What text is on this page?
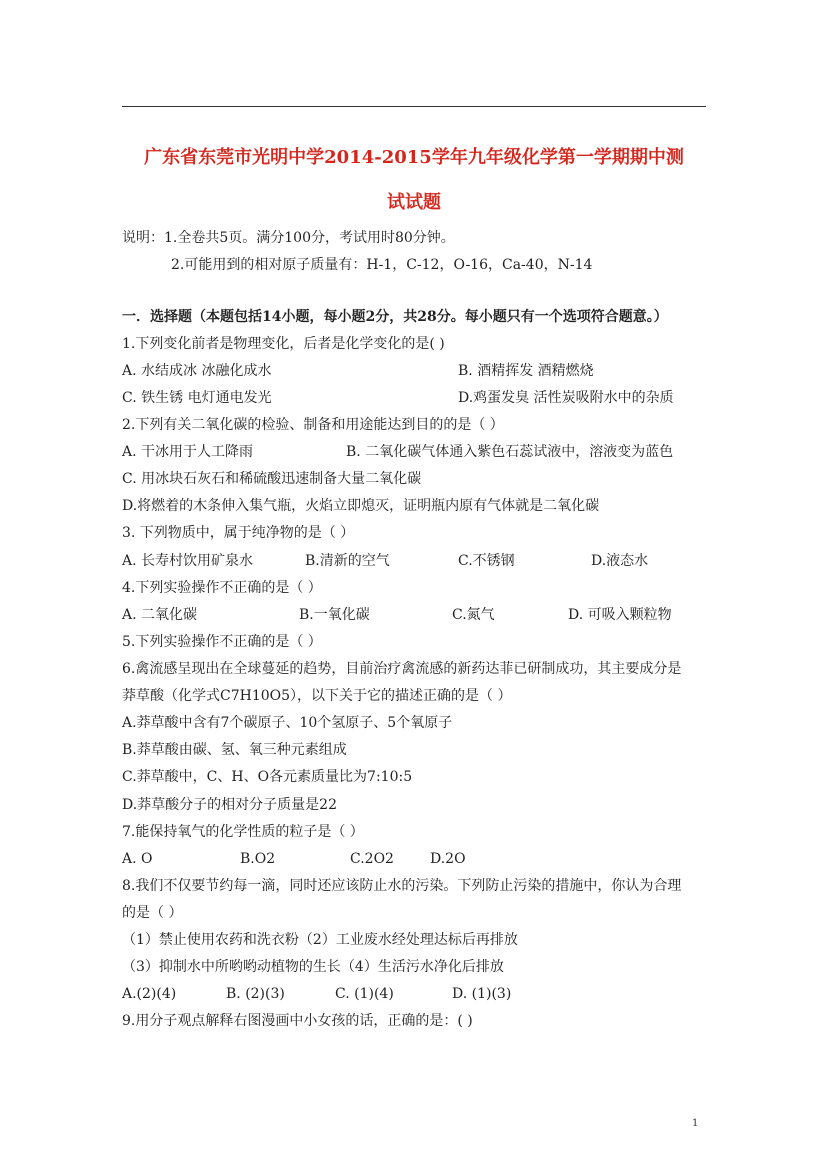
广东省东莞市光明中学2014-2015学年九年级化学第一学期期中测
试试题
说明：1.全卷共5页。满分100分，考试用时80分钟。
2.可能用到的相对原子质量有：H-1，C-12，O-16，Ca-40，N-14
一．选择题（本题包括14小题，每小题2分，共28分。每小题只有一个选项符合题意。）
1.下列变化前者是物理变化，后者是化学变化的是( )
A. 水结成冰 冰融化成水	B. 酒精挥发 酒精燃烧
C. 铁生锈 电灯通电发光	D.鸡蛋发臭 活性炭吸附水中的杂质
2.下列有关二氧化碳的检验、制备和用途能达到目的的是（ ）
A. 干冰用于人工降雨	B. 二氧化碳气体通入紫色石蕊试液中，溶液变为蓝色
C. 用冰块石灰石和稀硫酸迅速制备大量二氧化碳
D.将燃着的木条伸入集气瓶，火焰立即熄灭，证明瓶内原有气体就是二氧化碳
3. 下列物质中，属于纯净物的是（ ）
A. 长寿村饮用矿泉水	B.清新的空气	C.不锈钢	D.液态水
4.下列实验操作不正确的是（ ）
A. 二氧化碳	B.一氧化碳	C.氮气	D. 可吸入颗粒物
5.下列实验操作不正确的是（ ）
6.禽流感呈现出在全球蔓延的趋势，目前治疗禽流感的新药达菲已研制成功，其主要成分是
莽草酸（化学式C7H10O5），以下关于它的描述正确的是（ ）
A.莽草酸中含有7个碳原子、10个氢原子、5个氧原子
B.莽草酸由碳、氢、氧三种元素组成
C.莽草酸中，C、H、O各元素质量比为7:10:5
D.莽草酸分子的相对分子质量是22
7.能保持氧气的化学性质的粒子是（ ）
A. O	B.O2	C.2O2	D.2O
8.我们不仅要节约每一滴，同时还应该防止水的污染。下列防止污染的措施中，你认为合理
的是（ ）
（1）禁止使用农药和洗衣粉（2）工业废水经处理达标后再排放
（3）抑制水中所哟哟动植物的生长（4）生活污水净化后排放
A.(2)(4)	B. (2)(3)	C. (1)(4)	D. (1)(3)
9.用分子观点解释右图漫画中小女孩的话，正确的是：( )
1
